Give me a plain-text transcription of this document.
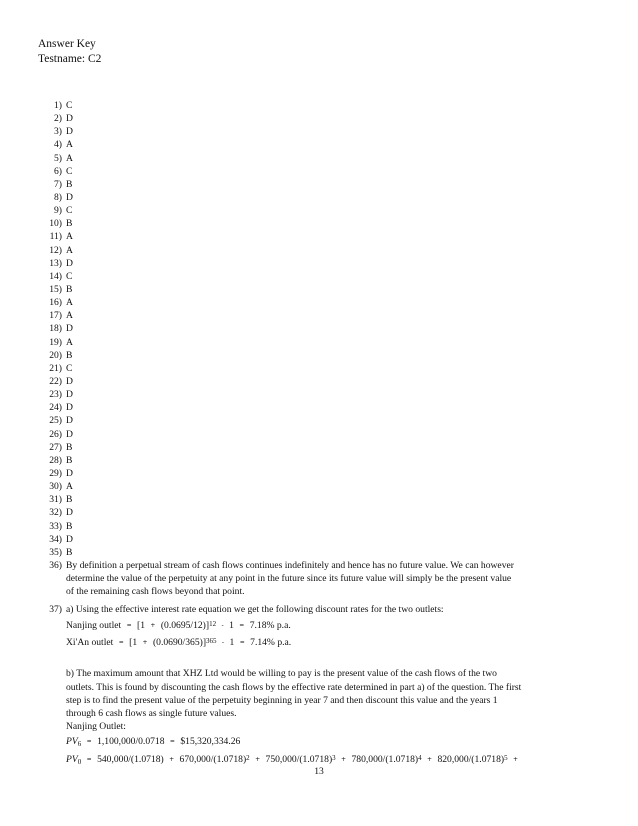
Answer Key
Testname: C2
1) C
2) D
3) D
4) A
5) A
6) C
7) B
8) D
9) C
10) B
11) A
12) A
13) D
14) C
15) B
16) A
17) A
18) D
19) A
20) B
21) C
22) D
23) D
24) D
25) D
26) D
27) B
28) B
29) D
30) A
31) B
32) D
33) B
34) D
35) B
36) By definition a perpetual stream of cash flows continues indefinitely and hence has no future value. We can however
determine the value of the perpetuity at any point in the future since its future value will simply be the present value
of the remaining cash flows beyond that point.
37) a) Using the effective interest rate equation we get the following discount rates for the two outlets:
Nanjing outlet = $[1 + (0.0695/12)]^{12} - 1 = 7.18\%$ p.a.
Xi'An outlet = $[1 + (0.0690/365)]^{365} - 1 = 7.14\%$ p.a.
b) The maximum amount that XHZ Ltd would be willing to pay is the present value of the cash flows of the two
outlets. This is found by discounting the cash flows by the effective rate determined in part a) of the question. The first
step is to find the present value of the perpetuity beginning in year 7 and then discount this value and the years 1
through 6 cash flows as single future values.
Nanjing Outlet:
$PV_6 = 1,100,000/0.0718$ = $15,320,334.26
$PV_0 = 540,000/(1.0718) + 670,000/(1.0718)^2 + 750,000/(1.0718)^3 + 780,000/(1.0718)^4 + 820,000/(1.0718)^5$ +
13
